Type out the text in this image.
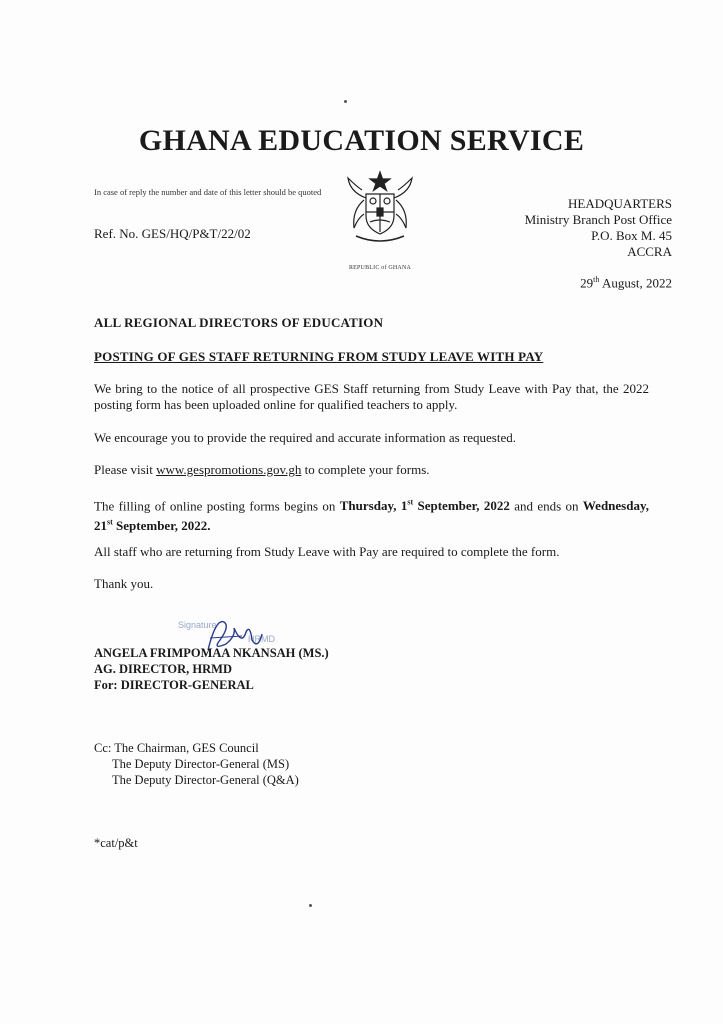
GHANA EDUCATION SERVICE
In case of reply the number and date of this letter should be quoted
Ref. No. GES/HQ/P&T/22/02
REPUBLIC of GHANA
HEADQUARTERS
Ministry Branch Post Office
P.O. Box M. 45
ACCRA
29th August, 2022
ALL REGIONAL DIRECTORS OF EDUCATION
POSTING OF GES STAFF RETURNING FROM STUDY LEAVE WITH PAY
We bring to the notice of all prospective GES Staff returning from Study Leave with Pay that, the 2022 posting form has been uploaded online for qualified teachers to apply.
We encourage you to provide the required and accurate information as requested.
Please visit www.gespromotions.gov.gh to complete your forms.
The filling of online posting forms begins on Thursday, 1st September, 2022 and ends on Wednesday, 21st September, 2022.
All staff who are returning from Study Leave with Pay are required to complete the form.
Thank you.
Signature
HRMD
ANGELA FRIMPOMAA NKANSAH (MS.)
AG. DIRECTOR, HRMD
For: DIRECTOR-GENERAL
Cc: The Chairman, GES Council
The Deputy Director-General (MS)
The Deputy Director-General (Q&A)
*cat/p&t
